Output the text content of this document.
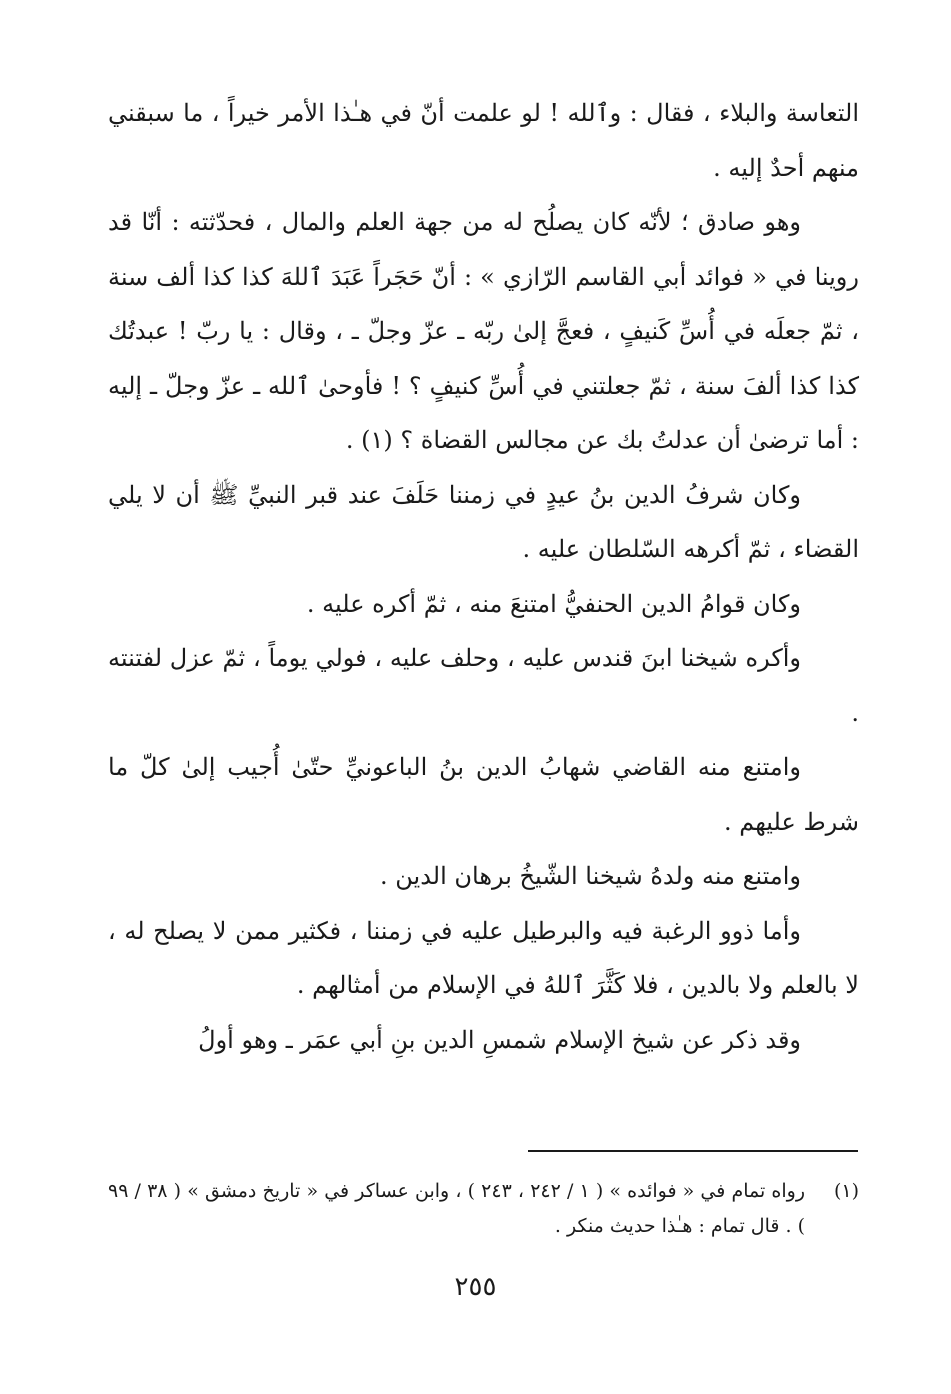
التعاسة والبلاء ، فقال : وٱلله ! لو علمت أنّ في هـٰذا الأمر خيراً ، ما سبقني منهم أحدٌ إليه .

وهو صادق ؛ لأنّه كان يصلُح له من جهة العلم والمال ، فحدّثته : أنّا قد روينا في « فوائد أبي القاسم الرّازي » : أنّ حَجَراً عَبَدَ ٱللهَ كذا كذا ألف سنة ، ثمّ جعلَه في أُسِّ كَنيفٍ ، فعجَّ إلىٰ ربّه ـ عزّ وجلّ ـ ، وقال : يا ربّ ! عبدتُك كذا كذا ألفَ سنة ، ثمّ جعلتني في أُسِّ كنيفٍ ؟ ! فأوحىٰ ٱلله ـ عزّ وجلّ ـ إليه : أما ترضىٰ أن عدلتُ بك عن مجالس القضاة ؟ (١) .

وكان شرفُ الدين بنُ عيدٍ في زمننا حَلَفَ عند قبر النبيِّ ﷺ أن لا يلي القضاء ، ثمّ أكرهه السّلطان عليه .

وكان قوامُ الدين الحنفيُّ امتنعَ منه ، ثمّ أكره عليه .

وأكره شيخنا ابنَ قندس عليه ، وحلف عليه ، فولي يوماً ، ثمّ عزل لفتنته .

وامتنع منه القاضي شهابُ الدين بنُ الباعونيِّ حتّىٰ أُجيب إلىٰ كلّ ما شرط عليهم .

وامتنع منه ولدهُ شيخنا الشّيخُ برهان الدين .

وأما ذوو الرغبة فيه والبرطيل عليه في زمننا ، فكثير ممن لا يصلح له ، لا بالعلم ولا بالدين ، فلا كَثَّرَ ٱللهُ في الإسلام من أمثالهم .

وقد ذكر عن شيخ الإسلام شمسِ الدين بنِ أبي عمَر ـ وهو أولُ

(١)
رواه تمام في « فوائده » ( ١ / ٢٤٢ ، ٢٤٣ ) ، وابن عساكر في « تاريخ دمشق » ( ٣٨ / ٩٩ ) . قال تمام : هـٰذا حديث منكر .
٢٥٥
